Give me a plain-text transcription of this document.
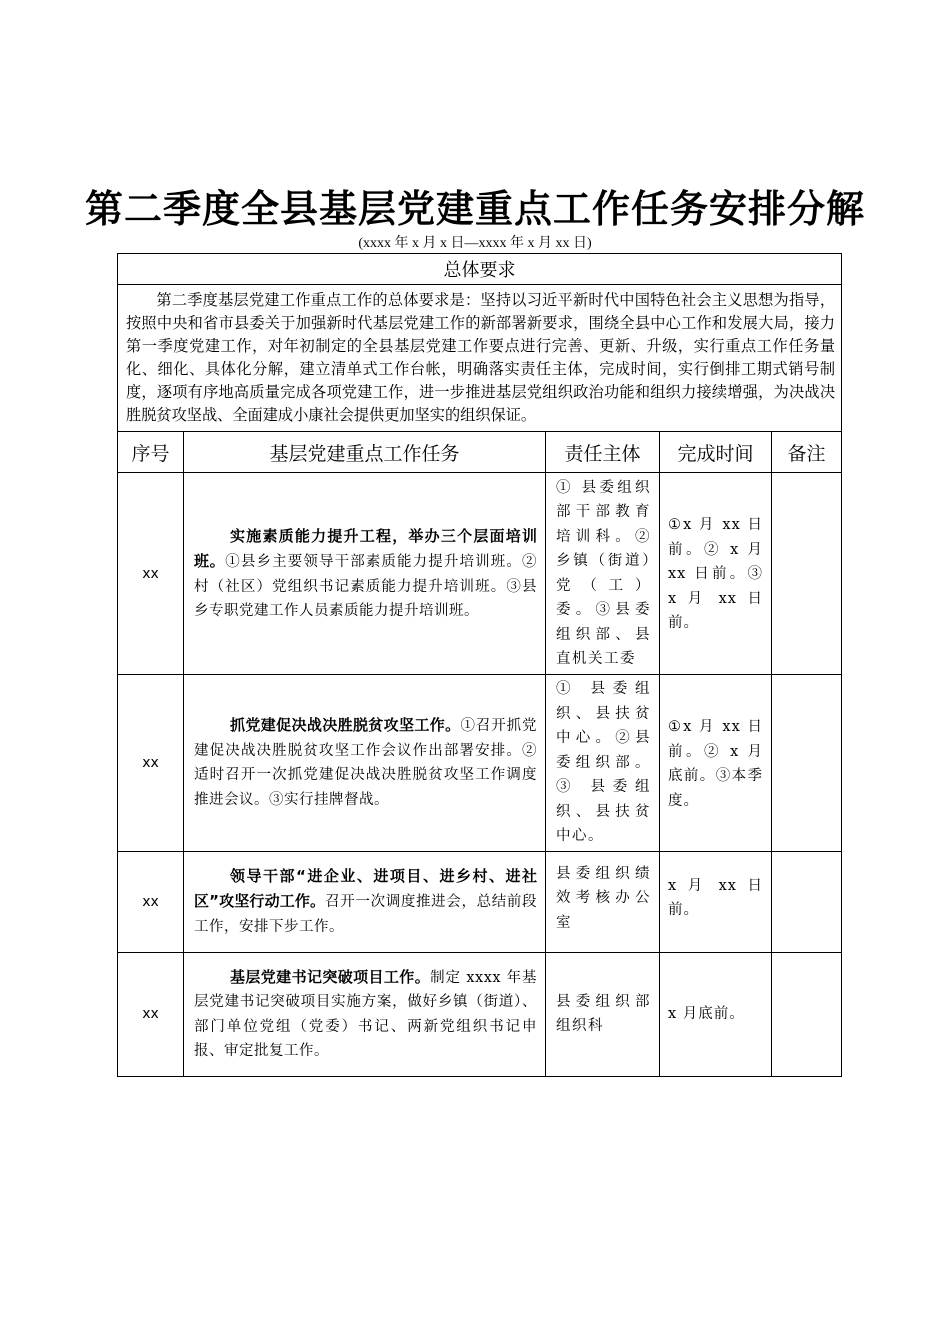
第二季度全县基层党建重点工作任务安排分解
(xxxx 年 x 月 x 日—xxxx 年 x 月 xx 日)
总体要求				

第二季度基层党建工作重点工作的总体要求是：坚持以习近平新时代中国特色社会主义思想为指导，按照中央和省市县委关于加强新时代基层党建工作的新部署新要求，围绕全县中心工作和发展大局，接力第一季度党建工作，对年初制定的全县基层党建工作要点进行完善、更新、升级，实行重点工作任务量化、细化、具体化分解，建立清单式工作台帐，明确落实责任主体，完成时间，实行倒排工期式销号制度，逐项有序地高质量完成各项党建工作，进一步推进基层党组织政治功能和组织力接续增强，为决战决胜脱贫攻坚战、全面建成小康社会提供更加坚实的组织保证。				

序号	基层党建重点工作任务	责任主体	完成时间	备注
xx	实施素质能力提升工程，举办三个层面培训班。①县乡主要领导干部素质能力提升培训班。②村（社区）党组织书记素质能力提升培训班。③县乡专职党建工作人员素质能力提升培训班。	① 县委组织部干部教育培训科。② 乡镇（街道）党（工）委。③县委组织部、县直机关工委	①x 月 xx 日前。② x 月 xx 日前。③ x 月 xx 日前。	

xx	抓党建促决战决胜脱贫攻坚工作。①召开抓党建促决战决胜脱贫攻坚工作会议作出部署安排。②适时召开一次抓党建促决战决胜脱贫攻坚工作调度推进会议。③实行挂牌督战。	① 县委组织、县扶贫中心。②县委组织部。③ 县委组织、县扶贫中心。	①x 月 xx 日前。② x 月底前。③本季度。	

xx	领导干部“进企业、进项目、进乡村、进社区”攻坚行动工作。召开一次调度推进会，总结前段工作，安排下步工作。	县委组织绩效考核办公室	x 月 xx 日前。	

xx	基层党建书记突破项目工作。制定 xxxx 年基层党建书记突破项目实施方案，做好乡镇（街道）、部门单位党组（党委）书记、两新党组织书记申报、审定批复工作。	县委组织部组织科	x 月底前。	
